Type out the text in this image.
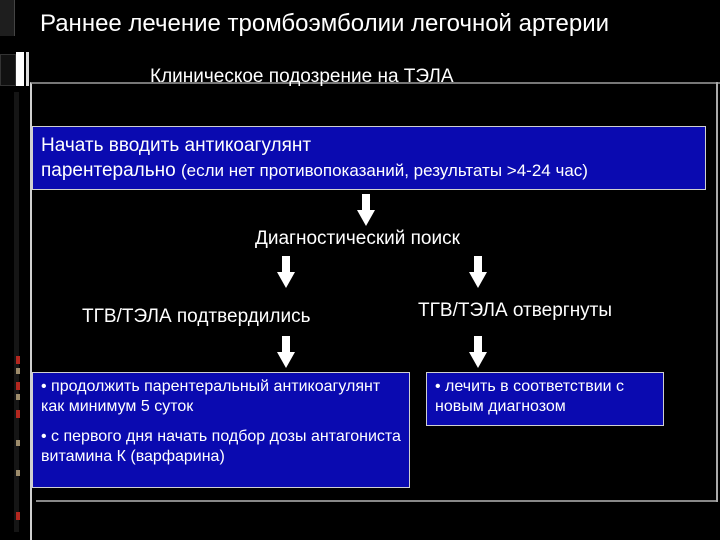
Раннее лечение тромбоэмболии легочной артерии
Клиническое подозрение на ТЭЛА
Начать вводить антикоагулянт
парентерально (если нет противопоказаний, результаты >4-24 час)
Диагностический поиск
ТГВ/ТЭЛА подтвердились	ТГВ/ТЭЛА отвергнуты

• продолжить парентеральный антикоагулянт как минимум 5 суток

• с первого дня начать подбор дозы антагониста витамина К (варфарина)

• лечить в соответствии с новым диагнозом
